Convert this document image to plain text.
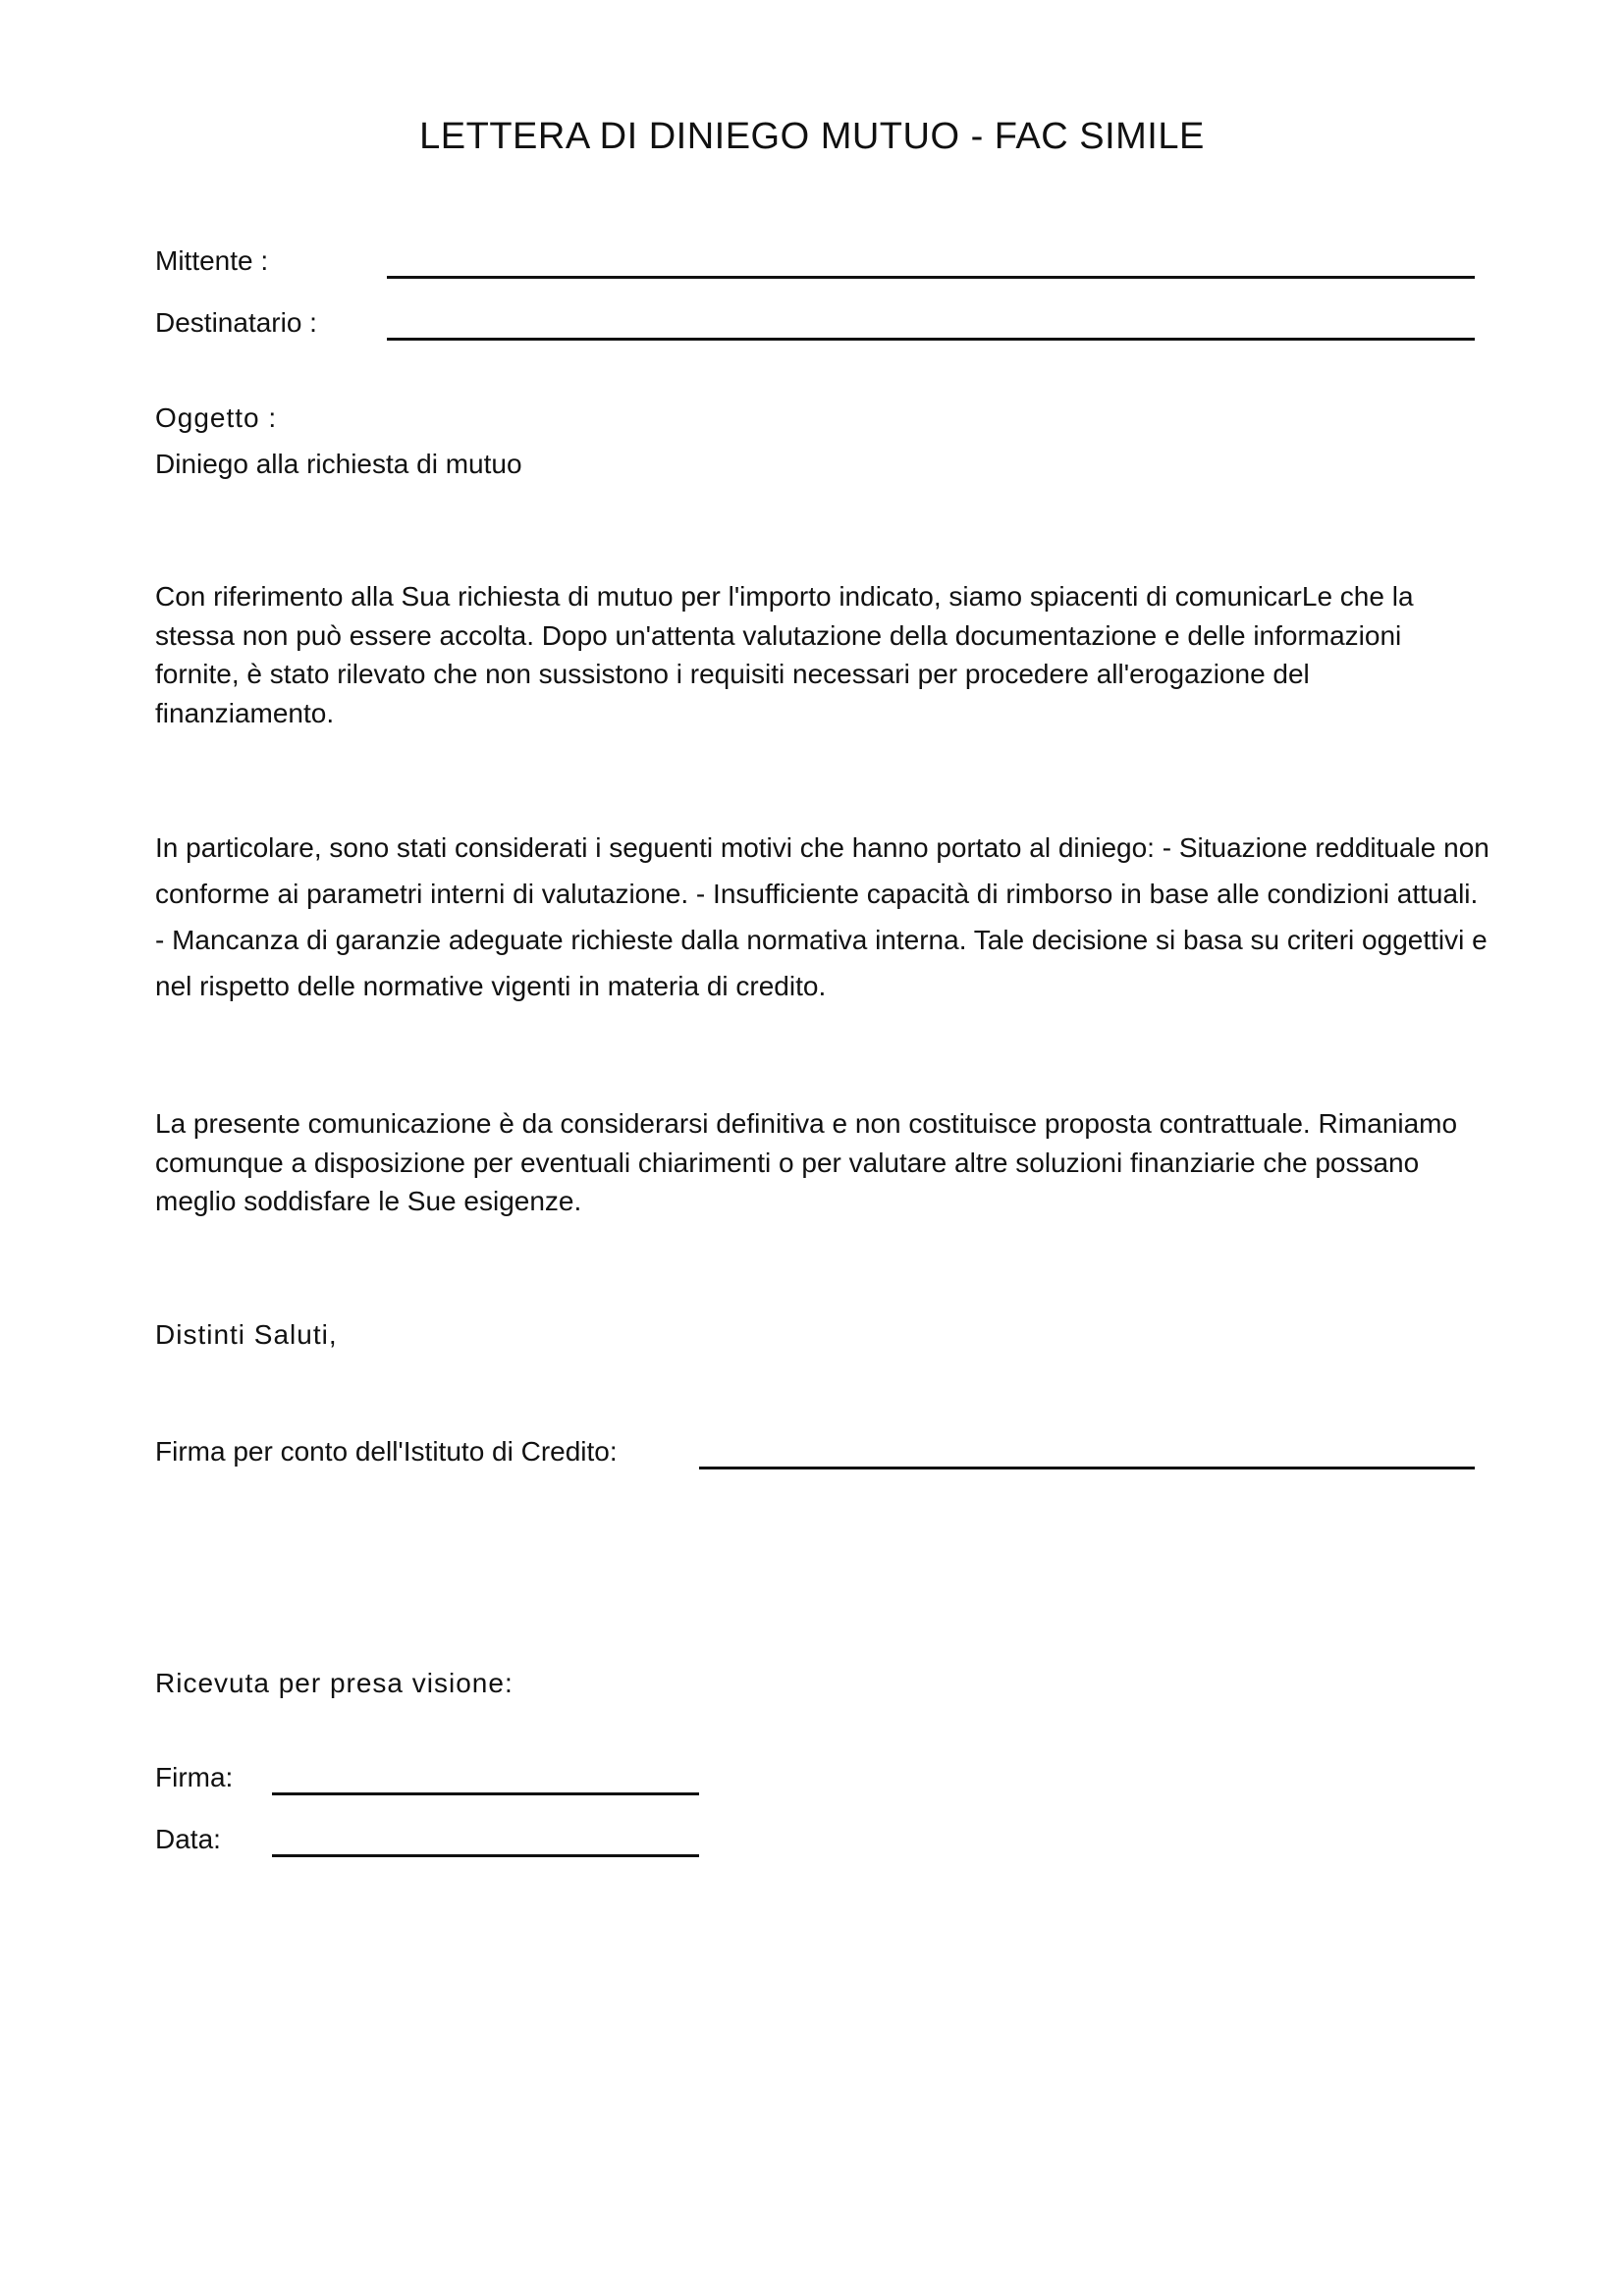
LETTERA DI DINIEGO MUTUO - FAC SIMILE
Mittente :
Destinatario :
Oggetto :
Diniego alla richiesta di mutuo

Con riferimento alla Sua richiesta di mutuo per l'importo indicato, siamo spiacenti di comunicarLe che la stessa non può essere accolta. Dopo un'attenta valutazione della documentazione e delle informazioni fornite, è stato rilevato che non sussistono i requisiti necessari per procedere all'erogazione del finanziamento.

In particolare, sono stati considerati i seguenti motivi che hanno portato al diniego: - Situazione reddituale non conforme ai parametri interni di valutazione. - Insufficiente capacità di rimborso in base alle condizioni attuali. - Mancanza di garanzie adeguate richieste dalla normativa interna. Tale decisione si basa su criteri oggettivi e nel rispetto delle normative vigenti in materia di credito.

La presente comunicazione è da considerarsi definitiva e non costituisce proposta contrattuale. Rimaniamo comunque a disposizione per eventuali chiarimenti o per valutare altre soluzioni finanziarie che possano meglio soddisfare le Sue esigenze.

Distinti Saluti,
Firma per conto dell'Istituto di Credito:
Ricevuta per presa visione:
Firma:
Data:
